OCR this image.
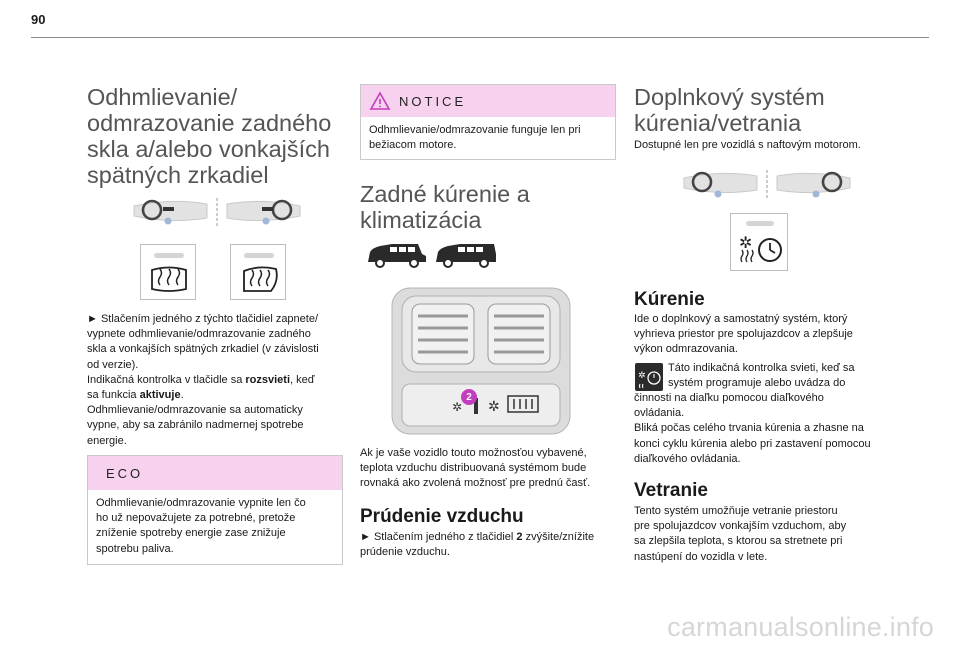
90
Odhmlievanie/
odmrazovanie zadného
skla a/alebo vonkajších
spätných zrkadiel

► Stlačením jedného z týchto tlačidiel zapnete/
vypnete odhmlievanie/odmrazovanie zadného
skla a vonkajších spätných zrkadiel (v závislosti
od verzie).
Indikačná kontrolka v tlačidle sa rozsvieti, keď
sa funkcia aktivuje.
Odhmlievanie/odmrazovanie sa automaticky
vypne, aby sa zabránilo nadmernej spotrebe
energie.

ECO
Odhmlievanie/odmrazovanie vypnite len čo
ho už nepovažujete za potrebné, pretože
zníženie spotreby energie zase znižuje
spotrebu paliva.
NOTICE
Odhmlievanie/odmrazovanie funguje len pri
bežiacom motore.
Zadné kúrenie a
klimatizácia
✲ ✲
2

Ak je vaše vozidlo touto možnosťou vybavené,
teplota vzduchu distribuovaná systémom bude
rovnaká ako zvolená možnosť pre prednú časť.

Prúdenie vzduchu

► Stlačením jedného z tlačidiel 2 zvýšite/znížite
prúdenie vzduchu.

Doplnkový systém
kúrenia/vetrania

Dostupné len pre vozidlá s naftovým motorom.

✲
Kúrenie

Ide o doplnkový a samostatný systém, ktorý
vyhrieva priestor pre spolujazdcov a zlepšuje
výkon odmrazovania.

✲

Táto indikačná kontrolka svieti, keď sa
systém programuje alebo uvádza do

činnosti na diaľku pomocou diaľkového
ovládania.
Bliká počas celého trvania kúrenia a zhasne na
konci cyklu kúrenia alebo pri zastavení pomocou
diaľkového ovládania.

Vetranie

Tento systém umožňuje vetranie priestoru
pre spolujazdcov vonkajším vzduchom, aby
sa zlepšila teplota, s ktorou sa stretnete pri
nastúpení do vozidla v lete.

carmanualsonline.info
